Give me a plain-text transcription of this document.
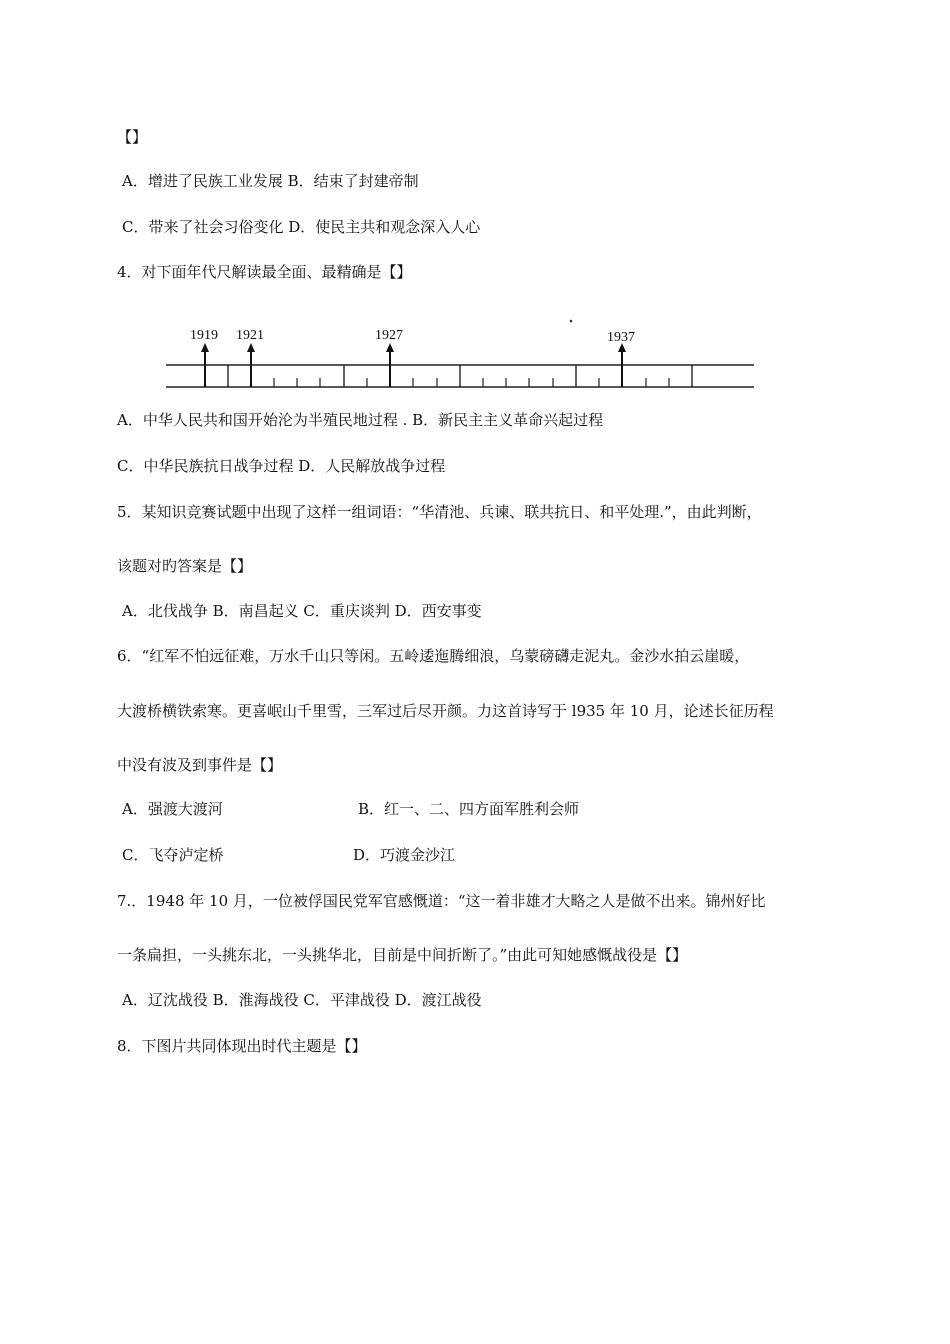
【】
A．增进了民族工业发展 B．结束了封建帝制
C．带来了社会习俗变化 D．使民主共和观念深入人心
4．对下面年代尺解读最全面、最精确是【】
1919 1921	1927	1937
A．中华人民共和国开始沦为半殖民地过程 . B．新民主主义革命兴起过程
C．中华民族抗日战争过程 D．人民解放战争过程
5．某知识竞赛试题中出现了这样一组词语：“华清池、兵谏、联共抗日、和平处理.”，由此判断，
该题对旳答案是【】
A．北伐战争 B．南昌起义 C．重庆谈判 D．西安事变
6．“红军不怕远征难，万水千山只等闲。五岭逶迤腾细浪，乌蒙磅礴走泥丸。金沙水拍云崖暖，
大渡桥横铁索寒。更喜岷山千里雪，三军过后尽开颜。力这首诗写于 l935 年 10 月，论述长征历程
中没有波及到事件是【】
A．强渡大渡河	B．红一、二、四方面军胜利会师
C．飞夺泸定桥	D．巧渡金沙江
7.．1948 年 10 月，一位被俘国民党军官感慨道：“这一着非雄才大略之人是做不出来。锦州好比
一条扁担，一头挑东北，一头挑华北，目前是中间折断了。”由此可知她感慨战役是【】
A．辽沈战役 B．淮海战役 C．平津战役 D．渡江战役
8．下图片共同体现出时代主题是【】
